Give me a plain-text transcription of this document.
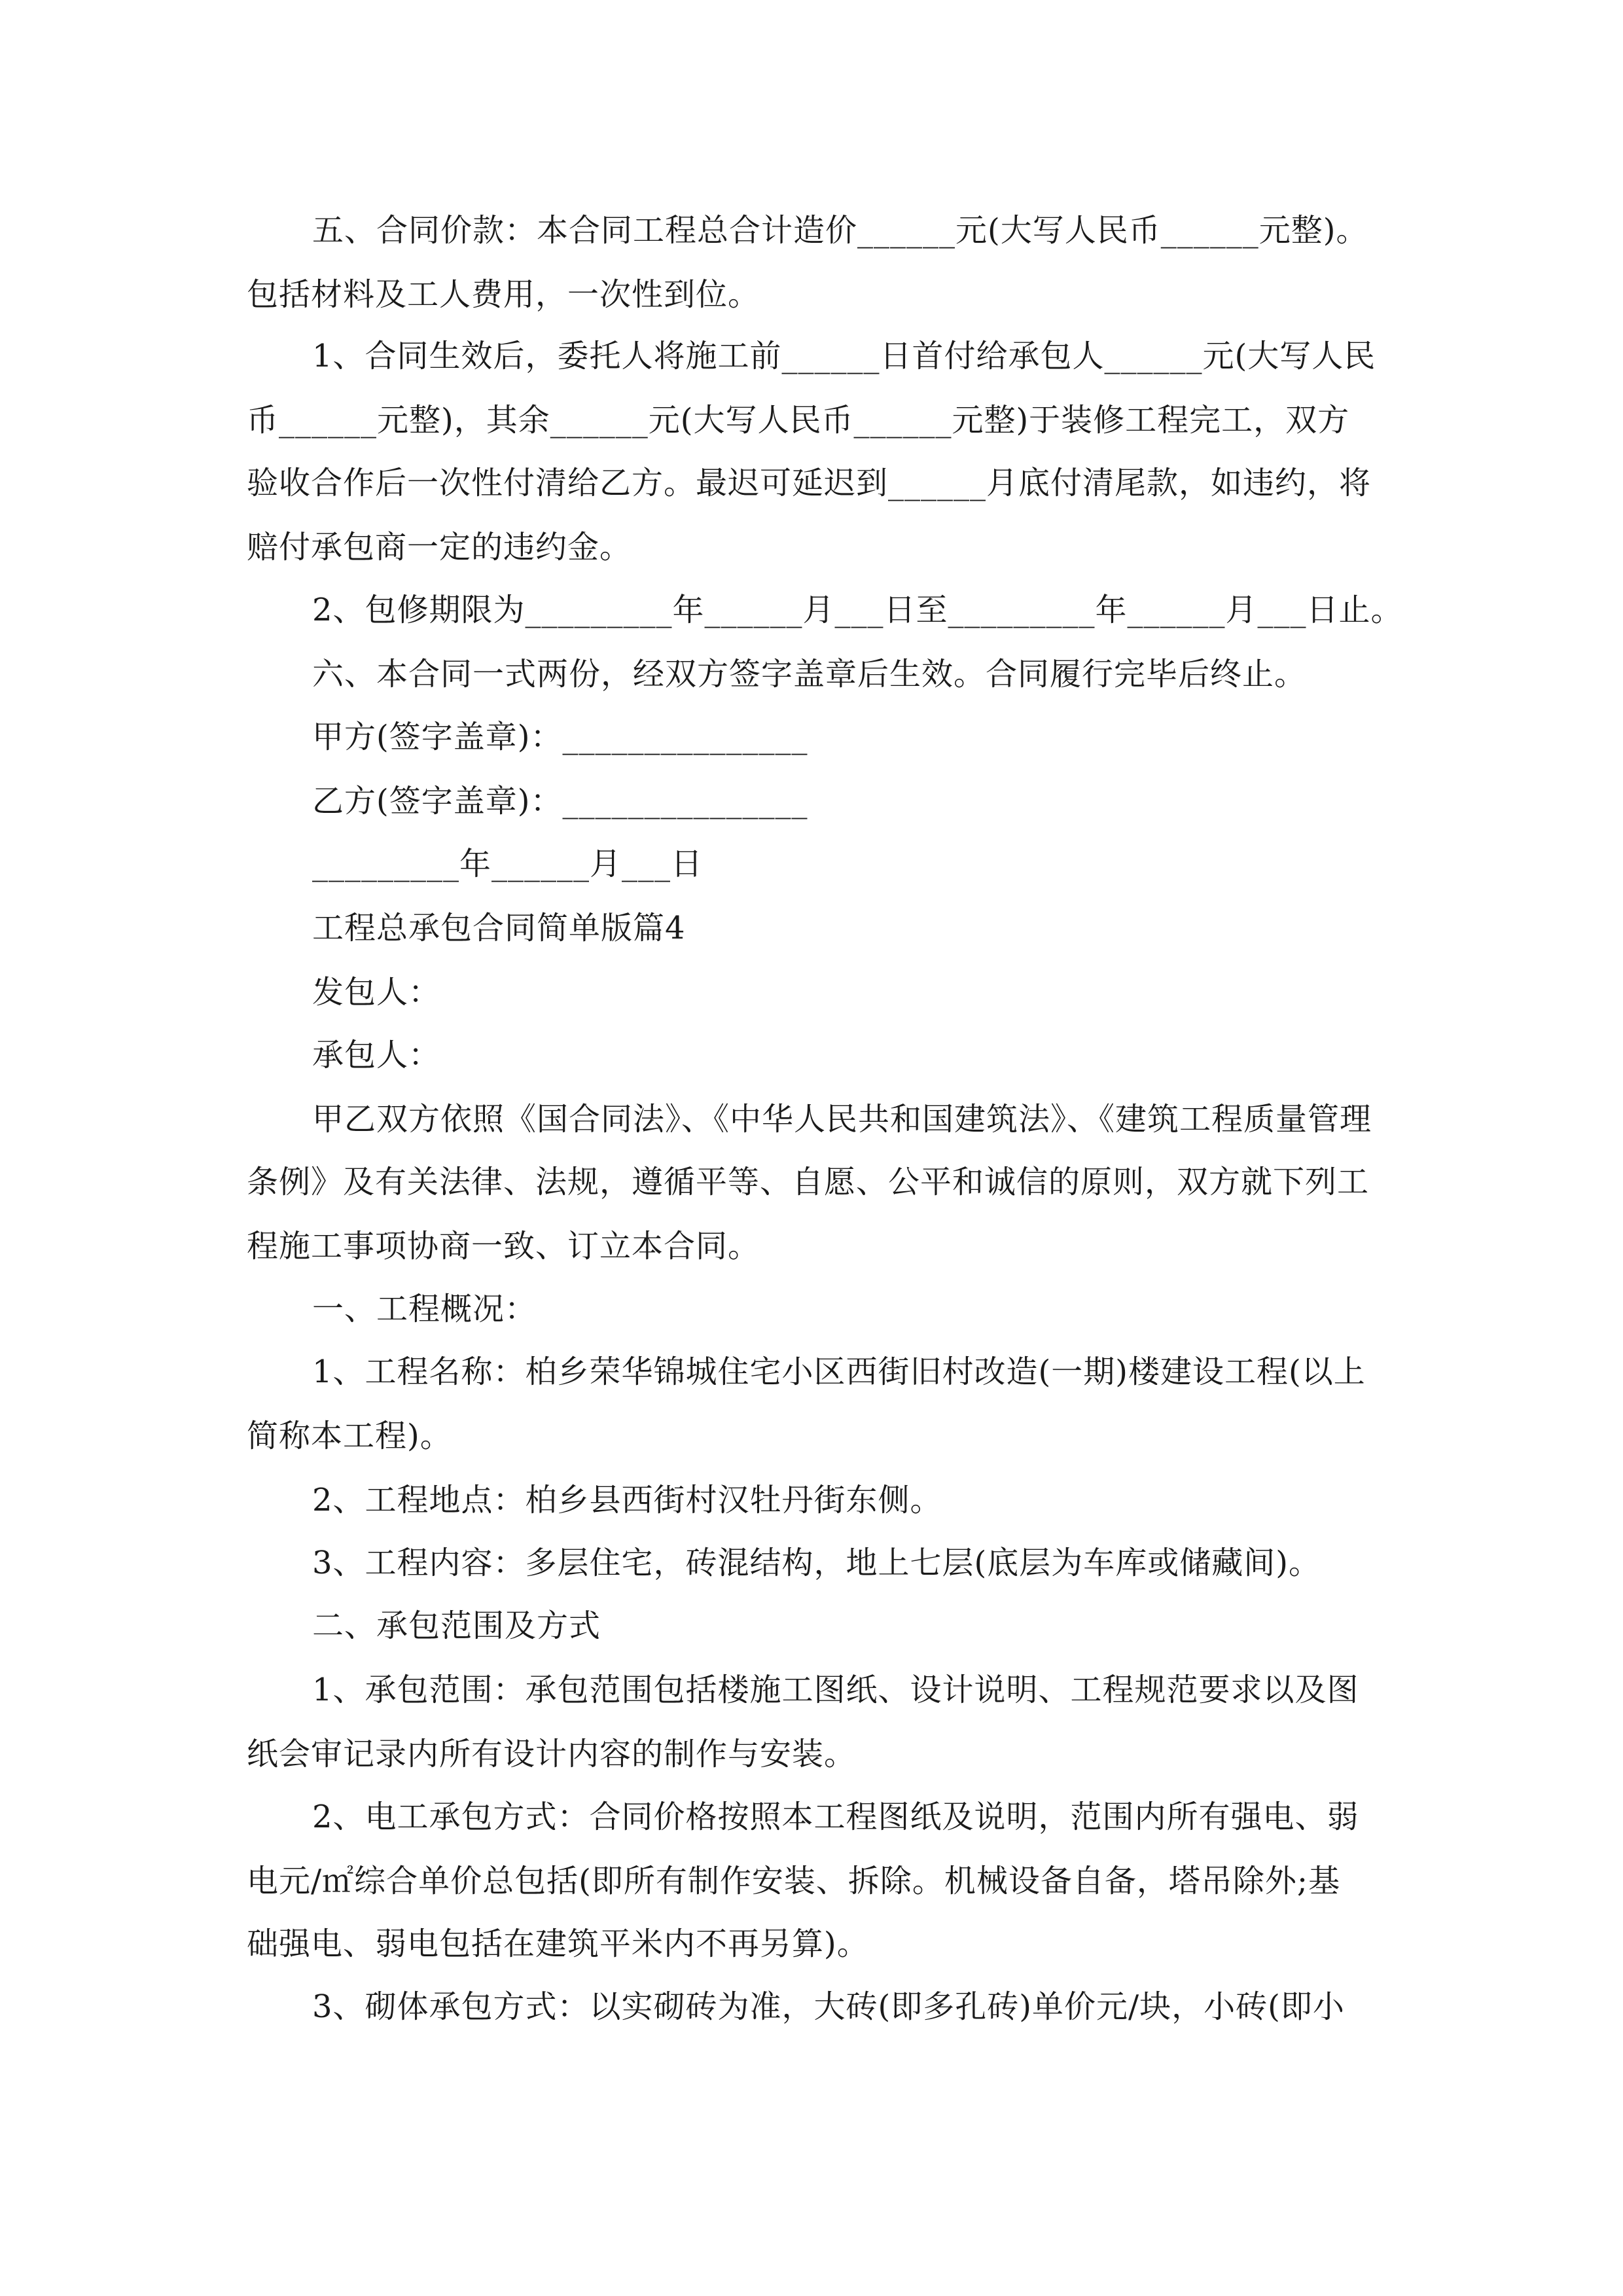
五、合同价款：本合同工程总合计造价______元(大写人民币______元整)。
包括材料及工人费用，一次性到位。
1、合同生效后，委托人将施工前______日首付给承包人______元(大写人民
币______元整)，其余______元(大写人民币______元整)于装修工程完工，双方
验收合作后一次性付清给乙方。最迟可延迟到______月底付清尾款，如违约，将
赔付承包商一定的违约金。
2、包修期限为_________年______月___日至_________年______月___日止。
六、本合同一式两份，经双方签字盖章后生效。合同履行完毕后终止。
甲方(签字盖章)：_______________
乙方(签字盖章)：_______________
_________年______月___日
工程总承包合同简单版篇4
发包人：
承包人：
甲乙双方依照《国合同法》、《中华人民共和国建筑法》、《建筑工程质量管理
条例》及有关法律、法规，遵循平等、自愿、公平和诚信的原则，双方就下列工
程施工事项协商一致、订立本合同。
一、工程概况：
1、工程名称：柏乡荣华锦城住宅小区西街旧村改造(一期)楼建设工程(以上
简称本工程)。
2、工程地点：柏乡县西街村汉牡丹街东侧。
3、工程内容：多层住宅，砖混结构，地上七层(底层为车库或储藏间)。
二、承包范围及方式
1、承包范围：承包范围包括楼施工图纸、设计说明、工程规范要求以及图
纸会审记录内所有设计内容的制作与安装。
2、电工承包方式：合同价格按照本工程图纸及说明，范围内所有强电、弱
电元/㎡综合单价总包括(即所有制作安装、拆除。机械设备自备，塔吊除外;基
础强电、弱电包括在建筑平米内不再另算)。
3、砌体承包方式：以实砌砖为准，大砖(即多孔砖)单价元/块，小砖(即小
